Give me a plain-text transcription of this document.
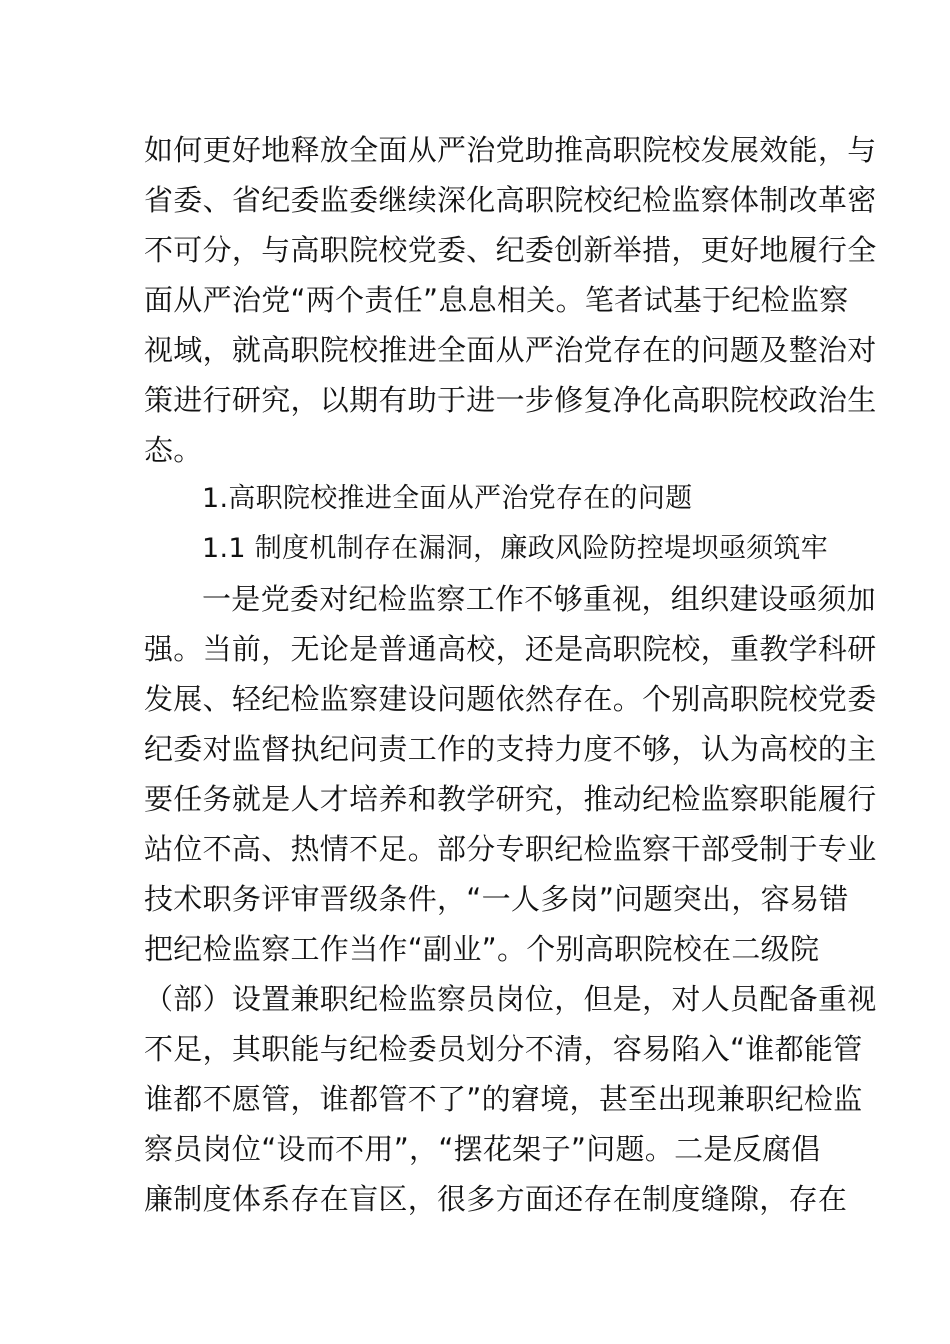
如何更好地释放全面从严治党助推高职院校发展效能，与
省委、省纪委监委继续深化高职院校纪检监察体制改革密
不可分，与高职院校党委、纪委创新举措，更好地履行全
面从严治党“两个责任”息息相关。笔者试基于纪检监察
视域，就高职院校推进全面从严治党存在的问题及整治对
策进行研究，以期有助于进一步修复净化高职院校政治生
态。
1.高职院校推进全面从严治党存在的问题
1.1 制度机制存在漏洞，廉政风险防控堤坝亟须筑牢
一是党委对纪检监察工作不够重视，组织建设亟须加
强。当前，无论是普通高校，还是高职院校，重教学科研
发展、轻纪检监察建设问题依然存在。个别高职院校党委
纪委对监督执纪问责工作的支持力度不够，认为高校的主
要任务就是人才培养和教学研究，推动纪检监察职能履行
站位不高、热情不足。部分专职纪检监察干部受制于专业
技术职务评审晋级条件，“一人多岗”问题突出，容易错
把纪检监察工作当作“副业”。个别高职院校在二级院
（部）设置兼职纪检监察员岗位，但是，对人员配备重视
不足，其职能与纪检委员划分不清，容易陷入“谁都能管
谁都不愿管，谁都管不了”的窘境，甚至出现兼职纪检监
察员岗位“设而不用”，“摆花架子”问题。二是反腐倡
廉制度体系存在盲区，很多方面还存在制度缝隙，存在
